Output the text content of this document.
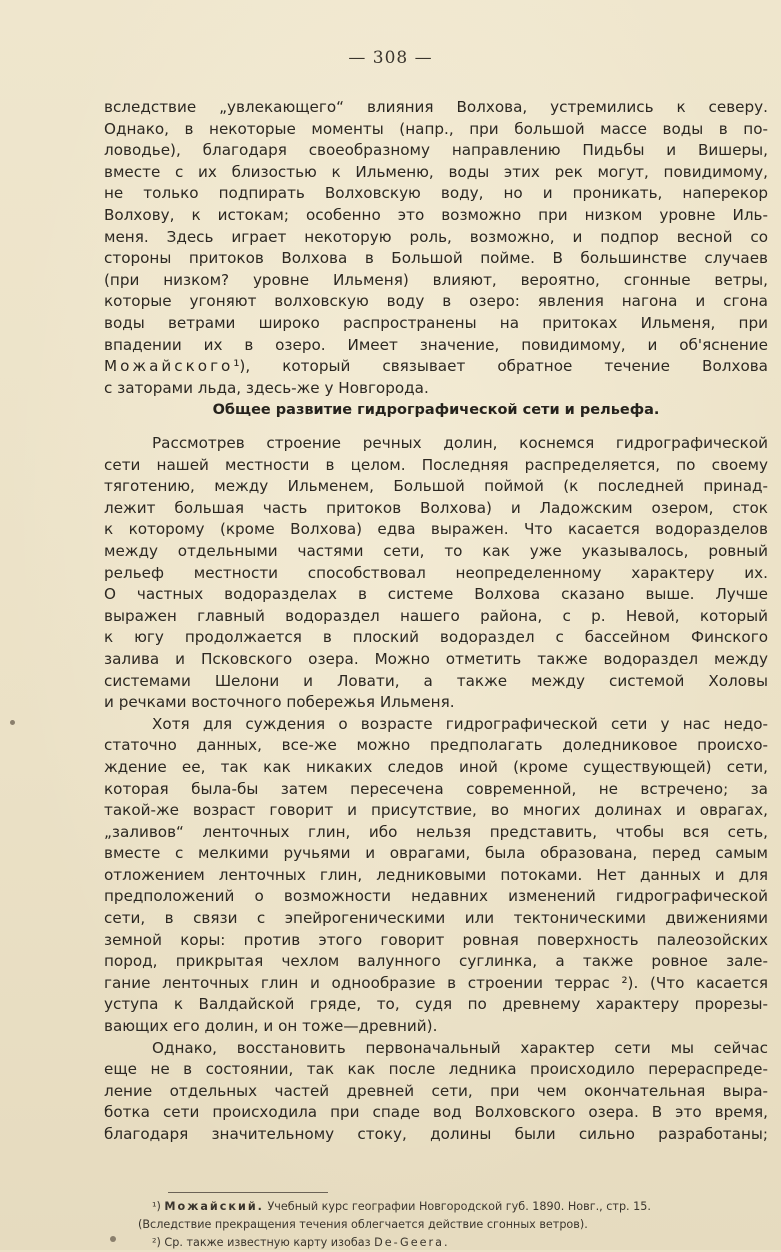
— 308 —
вследствие „увлекающего“ влияния Волхова, устремились к северу.
Однако, в некоторые моменты (напр., при большой массе воды в по-
ловодье), благодаря своеобразному направлению Пидьбы и Вишеры,
вместе с их близостью к Ильменю, воды этих рек могут, повидимому,
не только подпирать Волховскую воду, но и проникать, наперекор
Волхову, к истокам; особенно это возможно при низком уровне Иль-
меня. Здесь играет некоторую роль, возможно, и подпор весной со
стороны притоков Волхова в Большой пойме. В большинстве случаев
(при низком? уровне Ильменя) влияют, вероятно, сгонные ветры,
которые угоняют волховскую воду в озеро: явления нагона и сгона
воды ветрами широко распространены на притоках Ильменя, при
впадении их в озеро. Имеет значение, повидимому, и об'яснение
Можайского¹), который связывает обратное течение Волхова
с заторами льда, здесь-же у Новгорода.
Общее развитие гидрографической сети и рельефа.
Рассмотрев строение речных долин, коснемся гидрографической
сети нашей местности в целом. Последняя распределяется, по своему
тяготению, между Ильменем, Большой поймой (к последней принад-
лежит большая часть притоков Волхова) и Ладожским озером, сток
к которому (кроме Волхова) едва выражен. Что касается водоразделов
между отдельными частями сети, то как уже указывалось, ровный
рельеф местности способствовал неопределенному характеру их.
О частных водоразделах в системе Волхова сказано выше. Лучше
выражен главный водораздел нашего района, с р. Невой, который
к югу продолжается в плоский водораздел с бассейном Финского
залива и Псковского озера. Можно отметить также водораздел между
системами Шелони и Ловати, а также между системой Холовы
и речками восточного побережья Ильменя.
Хотя для суждения о возрасте гидрографической сети у нас недо-
статочно данных, все-же можно предполагать доледниковое происхо-
ждение ее, так как никаких следов иной (кроме существующей) сети,
которая была-бы затем пересечена современной, не встречено; за
такой-же возраст говорит и присутствие, во многих долинах и оврагах,
„заливов“ ленточных глин, ибо нельзя представить, чтобы вся сеть,
вместе с мелкими ручьями и оврагами, была образована, перед самым
отложением ленточных глин, ледниковыми потоками. Нет данных и для
предположений о возможности недавних изменений гидрографической
сети, в связи с эпейрогеническими или тектоническими движениями
земной коры: против этого говорит ровная поверхность палеозойских
пород, прикрытая чехлом валунного суглинка, а также ровное зале-
гание ленточных глин и однообразие в строении террас ²). (Что касается
уступа к Валдайской гряде, то, судя по древнему характеру прорезы-
вающих его долин, и он тоже—древний).
Однако, восстановить первоначальный характер сети мы сейчас
еще не в состоянии, так как после ледника происходило перераспреде-
ление отдельных частей древней сети, при чем окончательная выра-
ботка сети происходила при спаде вод Волховского озера. В это время,
благодаря значительному стоку, долины были сильно разработаны;
¹) Можайский. Учебный курс географии Новгородской губ. 1890. Новг., стр. 15.
(Вследствие прекращения течения облегчается действие сгонных ветров).
²) Ср. также известную карту изобаз De-Geera.
